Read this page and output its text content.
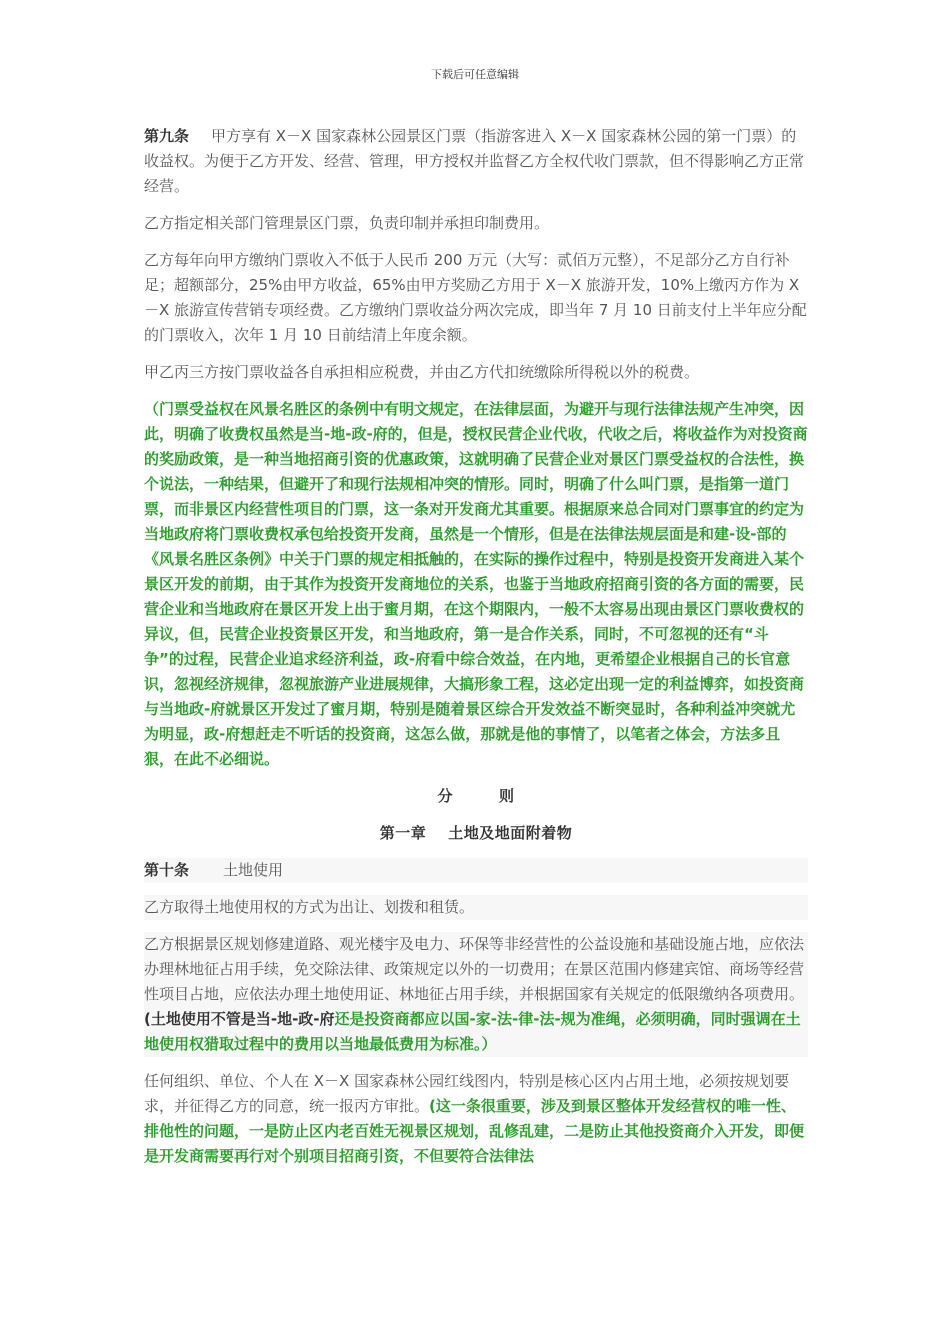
下载后可任意编辑

第九条 甲方享有 X－X 国家森林公园景区门票（指游客进入 X－X 国家森林公园的第一门票）的收益权。为便于乙方开发、经营、管理，甲方授权并监督乙方全权代收门票款，但不得影响乙方正常经营。

乙方指定相关部门管理景区门票，负责印制并承担印制费用。

乙方每年向甲方缴纳门票收入不低于人民币 200 万元（大写：贰佰万元整），不足部分乙方自行补足；超额部分，25%由甲方收益，65%由甲方奖励乙方用于 X－X 旅游开发，10%上缴丙方作为 X－X 旅游宣传营销专项经费。乙方缴纳门票收益分两次完成，即当年 7 月 10 日前支付上半年应分配的门票收入，次年 1 月 10 日前结清上年度余额。

甲乙丙三方按门票收益各自承担相应税费，并由乙方代扣统缴除所得税以外的税费。

（门票受益权在风景名胜区的条例中有明文规定，在法律层面，为避开与现行法律法规产生冲突，因此，明确了收费权虽然是当-地-政-府的，但是，授权民营企业代收，代收之后，将收益作为对投资商的奖励政策，是一种当地招商引资的优惠政策，这就明确了民营企业对景区门票受益权的合法性，换个说法，一种结果，但避开了和现行法规相冲突的情形。同时，明确了什么叫门票，是指第一道门票，而非景区内经营性项目的门票，这一条对开发商尤其重要。根据原来总合同对门票事宜的约定为当地政府将门票收费权承包给投资开发商，虽然是一个情形，但是在法律法规层面是和建-设-部的《风景名胜区条例》中关于门票的规定相抵触的，在实际的操作过程中，特别是投资开发商进入某个景区开发的前期，由于其作为投资开发商地位的关系，也鉴于当地政府招商引资的各方面的需要，民营企业和当地政府在景区开发上出于蜜月期，在这个期限内，一般不太容易出现由景区门票收费权的异议，但，民营企业投资景区开发，和当地政府，第一是合作关系，同时，不可忽视的还有“斗争”的过程，民营企业追求经济利益，政-府看中综合效益，在内地，更希望企业根据自己的长官意识，忽视经济规律，忽视旅游产业进展规律，大搞形象工程，这必定出现一定的利益博弈，如投资商与当地政-府就景区开发过了蜜月期，特别是随着景区综合开发效益不断突显时，各种利益冲突就尤为明显，政-府想赶走不听话的投资商，这怎么做，那就是他的事情了，以笔者之体会，方法多且狠，在此不必细说。

分	则

第一章 土地及地面附着物

第十条 土地使用

乙方取得土地使用权的方式为出让、划拨和租赁。

乙方根据景区规划修建道路、观光楼宇及电力、环保等非经营性的公益设施和基础设施占地，应依法办理林地征占用手续，免交除法律、政策规定以外的一切费用；在景区范围内修建宾馆、商场等经营性项目占地，应依法办理土地使用证、林地征占用手续，并根据国家有关规定的低限缴纳各项费用。(土地使用不管是当-地-政-府还是投资商都应以国-家-法-律-法-规为准绳，必须明确，同时强调在土地使用权猎取过程中的费用以当地最低费用为标准。）

任何组织、单位、个人在 X－X 国家森林公园红线图内，特别是核心区内占用土地，必须按规划要求，并征得乙方的同意，统一报丙方审批。(这一条很重要，涉及到景区整体开发经营权的唯一性、排他性的问题，一是防止区内老百姓无视景区规划，乱修乱建，二是防止其他投资商介入开发，即便是开发商需要再行对个别项目招商引资，不但要符合法律法
